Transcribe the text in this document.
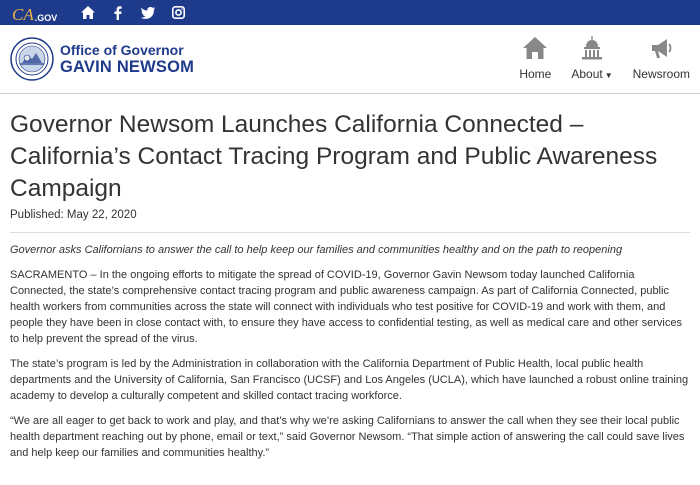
CA .GOV
Office of Governor
GAVIN NEWSOM	Home About ▼ Newsroom
Governor Newsom Launches California Connected – California’s Contact Tracing Program and Public Awareness Campaign
Published: May 22, 2020
Governor asks Californians to answer the call to help keep our families and communities healthy and on the path to reopening

SACRAMENTO – In the ongoing efforts to mitigate the spread of COVID-19, Governor Gavin Newsom today launched California Connected, the state’s comprehensive contact tracing program and public awareness campaign. As part of California Connected, public health workers from communities across the state will connect with individuals who test positive for COVID-19 and work with them, and people they have been in close contact with, to ensure they have access to confidential testing, as well as medical care and other services to help prevent the spread of the virus.

The state’s program is led by the Administration in collaboration with the California Department of Public Health, local public health departments and the University of California, San Francisco (UCSF) and Los Angeles (UCLA), which have launched a robust online training academy to develop a culturally competent and skilled contact tracing workforce.

“We are all eager to get back to work and play, and that’s why we’re asking Californians to answer the call when they see their local public health department reaching out by phone, email or text,” said Governor Newsom. “That simple action of answering the call could save lives and help keep our families and communities healthy.”
